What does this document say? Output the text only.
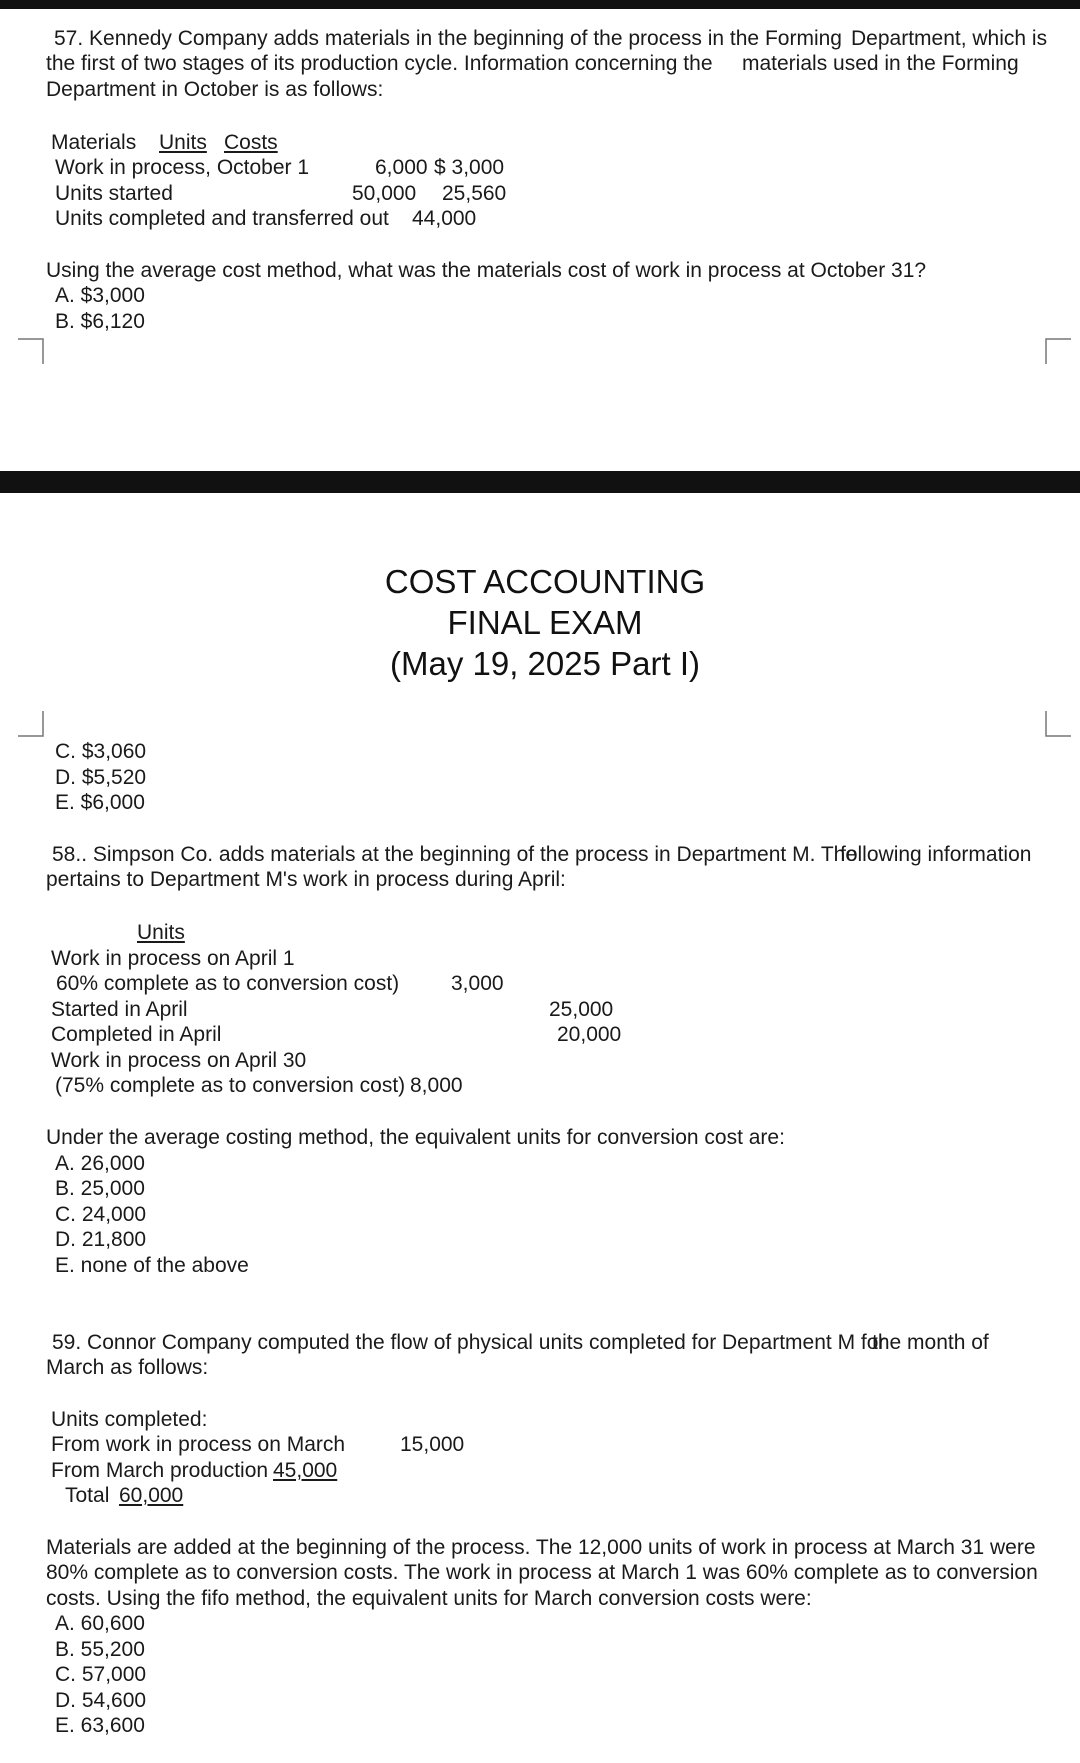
57. Kennedy Company adds materials in the beginning of the process in the Forming Department, which is
the first of two stages of its production cycle. Information concerning the materials used in the Forming
Department in October is as follows:
Materials Units Costs
Work in process, October 1	6,000 $ 3,000
Units started	50,000 25,560
Units completed and transferred out 44,000
Using the average cost method, what was the materials cost of work in process at October 31?
A. $3,000
B. $6,120
COST ACCOUNTING
FINAL EXAM
(May 19, 2025 Part I)
C. $3,060
D. $5,520
E. $6,000
58.. Simpson Co. adds materials at the beginning of the process in Department M. The
following information
pertains to Department M's work in process during April:
Units
Work in process on April 1
60% complete as to conversion cost) 3,000
Started in April	25,000
Completed in April	20,000
Work in process on April 30
(75% complete as to conversion cost) 8,000
Under the average costing method, the equivalent units for conversion cost are:
A. 26,000
B. 25,000
C. 24,000
D. 21,800
E. none of the above
59. Connor Company computed the flow of physical units completed for Department M for
the month of
March as follows:
Units completed:
From work in process on March	15,000
From March production 45,000
Total 60,000
Materials are added at the beginning of the process. The 12,000 units of work in process at March 31 were
80% complete as to conversion costs. The work in process at March 1 was 60% complete as to conversion
costs. Using the fifo method, the equivalent units for March conversion costs were:
A. 60,600
B. 55,200
C. 57,000
D. 54,600
E. 63,600
